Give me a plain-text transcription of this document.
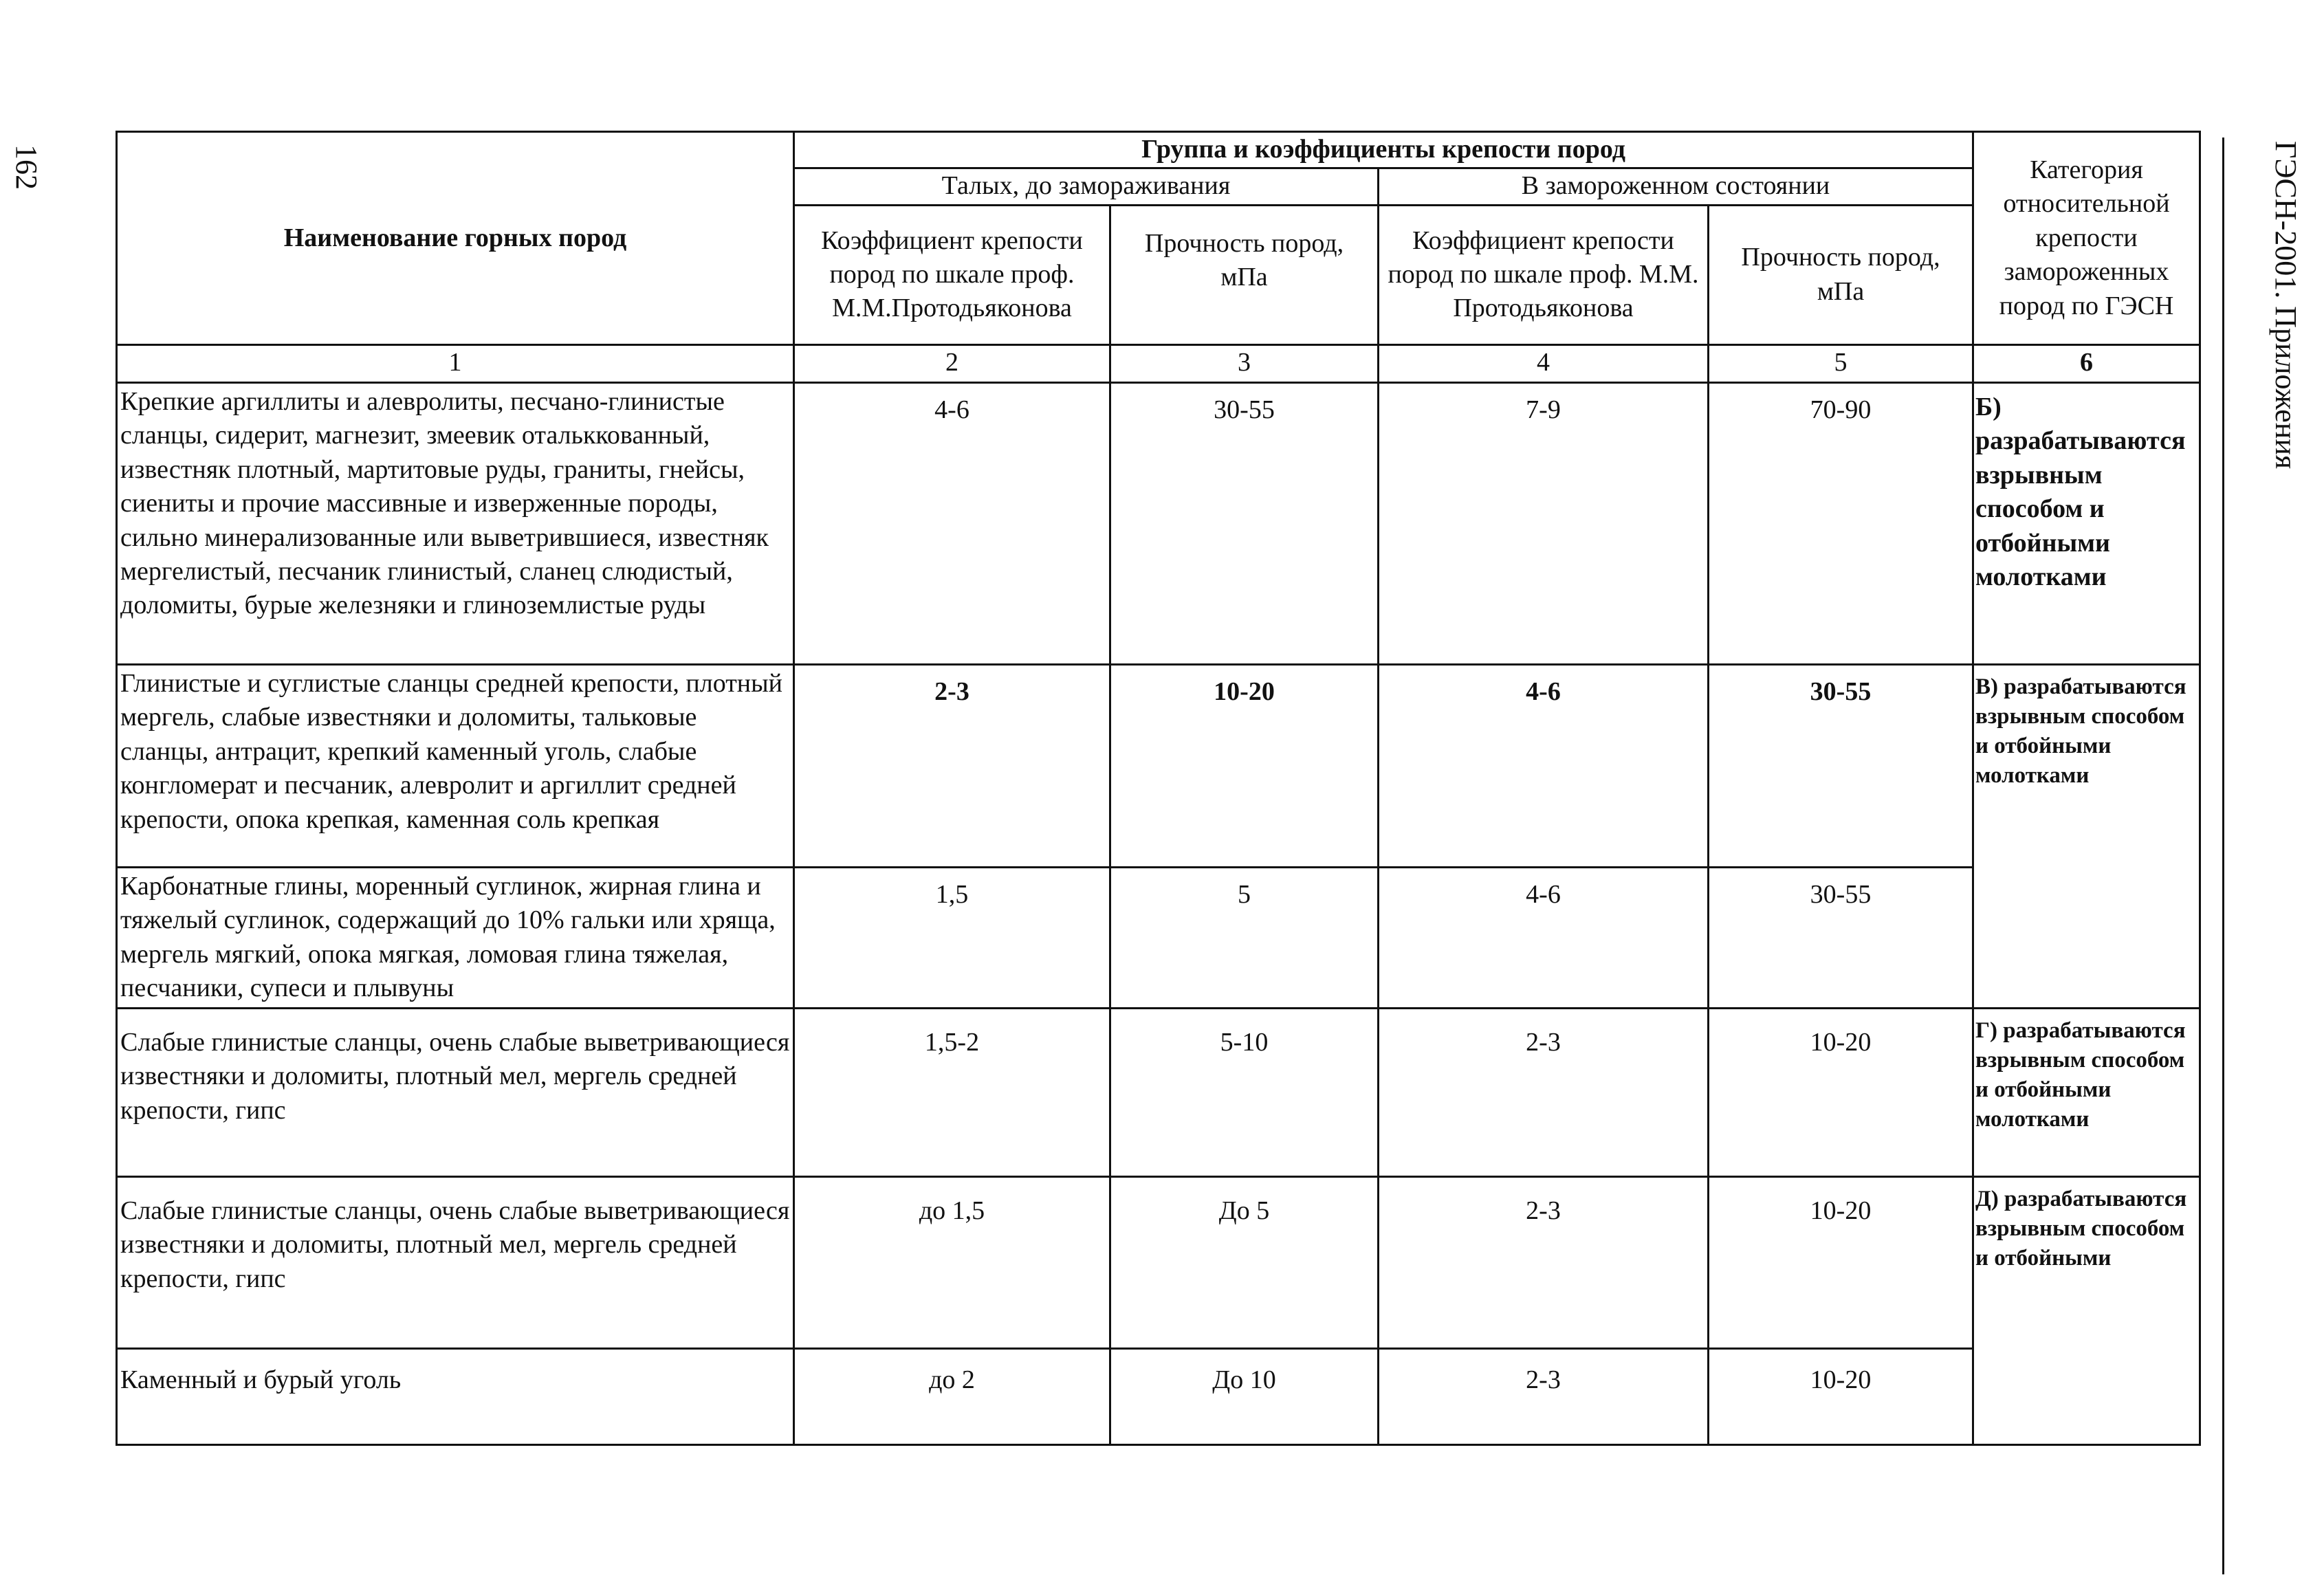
162	ГЭСН-2001. Приложения
Наименование горных пород	Группа и коэффициенты крепости пород				Категория относительной крепости замороженных пород по ГЭСН
	Талых, до замораживания		В замороженном состоянии		
	Коэффициент крепости пород по шкале проф. М.М.Протодьяконова	Прочность пород, мПа	Коэффициент крепости пород по шкале проф. М.М. Протодьяконова	Прочность пород, мПа	
1	2	3	4	5	6
Крепкие аргиллиты и алевролиты, песчано-глинистые сланцы, сидерит, магнезит, змеевик отальккованный, известняк плотный, мартитовые руды, граниты, гнейсы, сиениты и прочие массивные и изверженные породы, сильно минерализованные или выветрившиеся, известняк мергелистый, песчаник глинистый, сланец слюдистый, доломиты, бурые железняки и глиноземлистые руды	4-6	30-55	7-9	70-90	Б) разрабатываются взрывным способом и отбойными молотками
Глинистые и суглистые сланцы средней крепости, плотный мергель, слабые известняки и доломиты, тальковые сланцы, антрацит, крепкий каменный уголь, слабые конгломерат и песчаник, алевролит и аргиллит средней крепости, опока крепкая, каменная соль крепкая	2-3	10-20	4-6	30-55	В) разрабатываются взрывным способом и отбойными молотками
Карбонатные глины, моренный суглинок, жирная глина и тяжелый суглинок, содержащий до 10% гальки или хряща, мергель мягкий, опока мягкая, ломовая глина тяжелая, песчаники, супеси и плывуны	1,5	5	4-6	30-55	
Слабые глинистые сланцы, очень слабые выветривающиеся известняки и доломиты, плотный мел, мергель средней крепости, гипс	1,5-2	5-10	2-3	10-20	Г) разрабатываются взрывным способом и отбойными молотками
Слабые глинистые сланцы, очень слабые выветривающиеся известняки и доломиты, плотный мел, мергель средней крепости, гипс	до 1,5	До 5	2-3	10-20	Д) разрабатываются взрывным способом и отбойными
Каменный и бурый уголь	до 2	До 10	2-3	10-20	
